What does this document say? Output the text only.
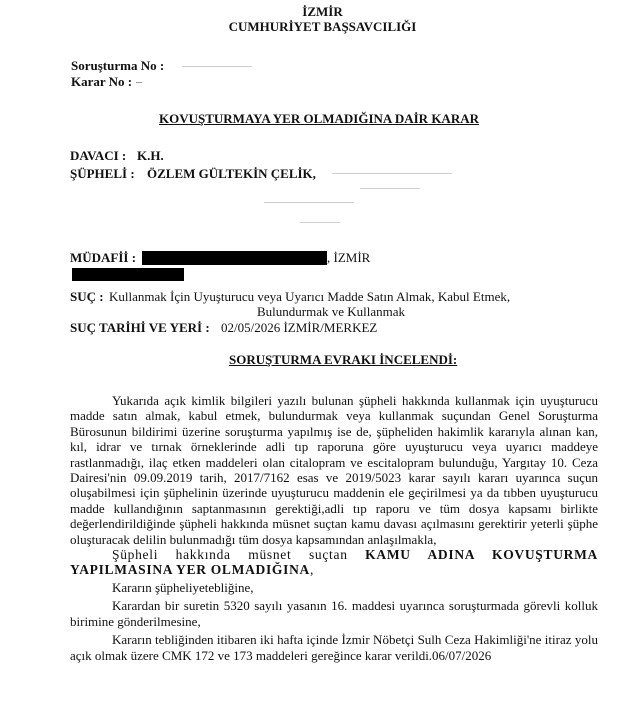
İZMİR
CUMHURİYET BAŞSAVCILIĞI
Soruşturma No :
Karar No :
KOVUŞTURMAYA YER OLMADIĞINA DAİR KARAR
DAVACI : K.H.
ŞÜPHELİ : ÖZLEM GÜLTEKİN ÇELİK,
MÜDAFİİ :	, İZMİR
SUÇ : Kullanmak İçin Uyuşturucu veya Uyarıcı Madde Satın Almak, Kabul Etmek,
Bulundurmak ve Kullanmak
SUÇ TARİHİ VE YERİ : 02/05/2026 İZMİR/MERKEZ
SORUŞTURMA EVRAKI İNCELENDİ:

Yukarıda açık kimlik bilgileri yazılı bulunan şüpheli hakkında kullanmak için uyuşturucu madde satın almak, kabul etmek, bulundurmak veya kullanmak suçundan Genel Soruşturma Bürosunun bildirimi üzerine soruşturma yapılmış ise de, şüpheliden hakimlik kararıyla alınan kan, kıl, idrar ve tırnak örneklerinde adli tıp raporuna göre uyuşturucu veya uyarıcı maddeye rastlanmadığı, ilaç etken maddeleri olan citalopram ve escitalopram bulunduğu, Yargıtay 10. Ceza Dairesi'nin 09.09.2019 tarih, 2017/7162 esas ve 2019/5023 karar sayılı kararı uyarınca suçun oluşabilmesi için şüphelinin üzerinde uyuşturucu maddenin ele geçirilmesi ya da tıbben uyuşturucu madde kullandığının saptanmasının gerektiği,adli tıp raporu ve tüm dosya kapsamı birlikte değerlendirildiğinde şüpheli hakkında müsnet suçtan kamu davası açılmasını gerektirir yeterli şüphe oluşturacak delilin bulunmadığı tüm dosya kapsamından anlaşılmakla,

Şüpheli hakkında müsnet suçtan KAMU ADINA KOVUŞTURMA YAPILMASINA YER OLMADIĞINA,

Kararın şüpheliyetebliğine,

Karardan bir suretin 5320 sayılı yasanın 16. maddesi uyarınca soruşturmada görevli kolluk birimine gönderilmesine,

Kararın tebliğinden itibaren iki hafta içinde İzmir Nöbetçi Sulh Ceza Hakimliği'ne itiraz yolu açık olmak üzere CMK 172 ve 173 maddeleri gereğince karar verildi.06/07/2026
